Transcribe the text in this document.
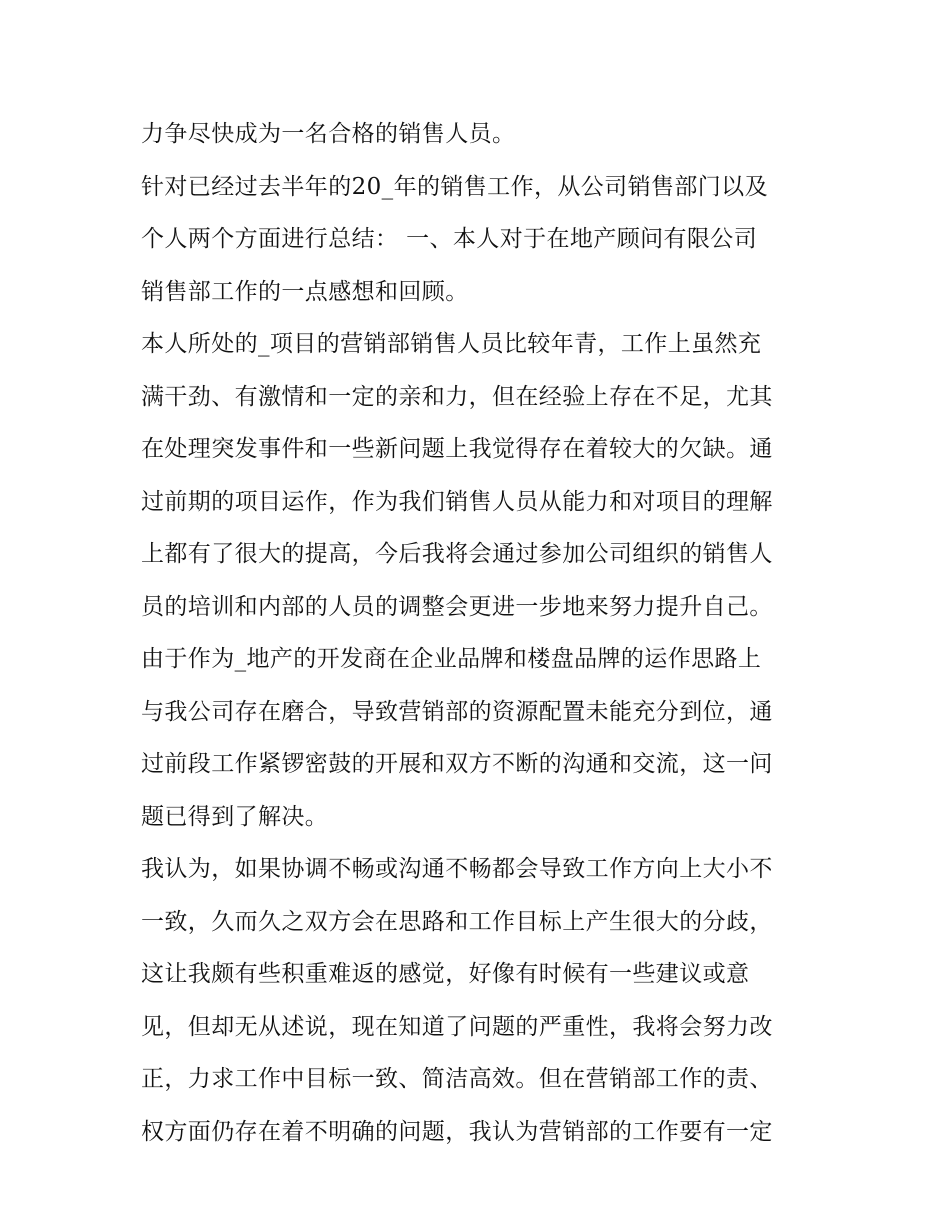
力争尽快成为一名合格的销售人员。
针对已经过去半年的20_年的销售工作，从公司销售部门以及
个人两个方面进行总结： 一、本人对于在地产顾问有限公司
销售部工作的一点感想和回顾。
本人所处的_项目的营销部销售人员比较年青，工作上虽然充
满干劲、有激情和一定的亲和力，但在经验上存在不足，尤其
在处理突发事件和一些新问题上我觉得存在着较大的欠缺。通
过前期的项目运作，作为我们销售人员从能力和对项目的理解
上都有了很大的提高，今后我将会通过参加公司组织的销售人
员的培训和内部的人员的调整会更进一步地来努力提升自己。
由于作为_地产的开发商在企业品牌和楼盘品牌的运作思路上
与我公司存在磨合，导致营销部的资源配置未能充分到位，通
过前段工作紧锣密鼓的开展和双方不断的沟通和交流，这一问
题已得到了解决。
我认为，如果协调不畅或沟通不畅都会导致工作方向上大小不
一致，久而久之双方会在思路和工作目标上产生很大的分歧，
这让我颇有些积重难返的感觉，好像有时候有一些建议或意
见，但却无从述说，现在知道了问题的严重性，我将会努力改
正，力求工作中目标一致、简洁高效。但在营销部工作的责、
权方面仍存在着不明确的问题，我认为营销部的工作要有一定
